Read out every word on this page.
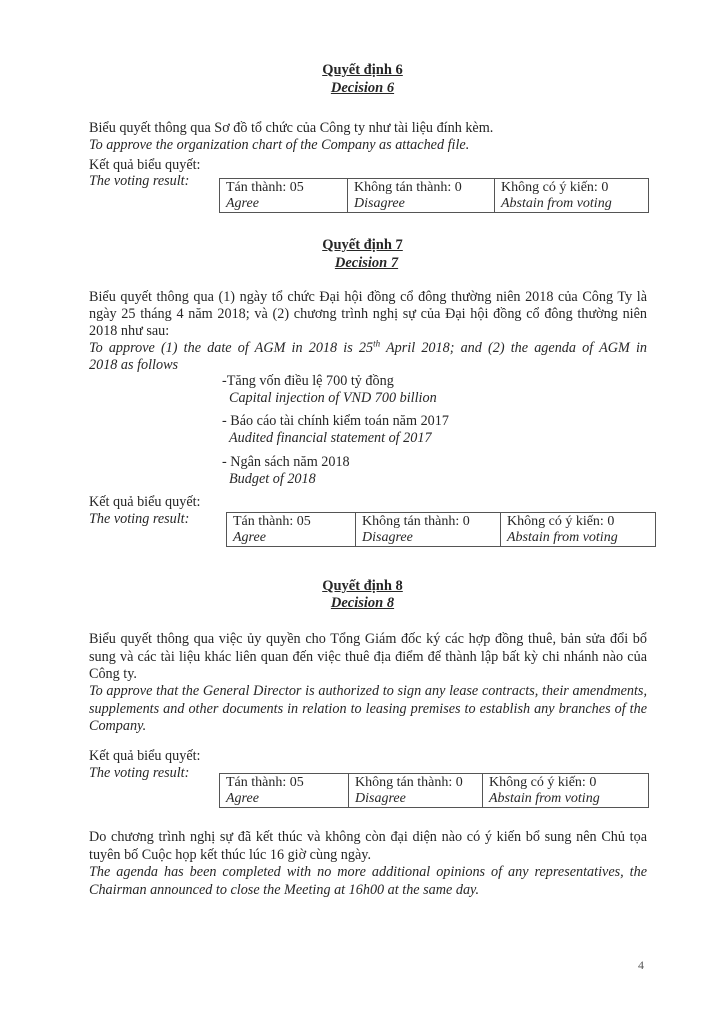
Quyết định 6
Decision 6
Biểu quyết thông qua Sơ đồ tổ chức của Công ty như tài liệu đính kèm.
To approve the organization chart of the Company as attached file.
Kết quả biểu quyết:
The voting result:	Tán thành: 05
Agree

Không tán thành: 0
Disagree

Không có ý kiến: 0
Abstain from voting
Quyết định 7
Decision 7
Biểu quyết thông qua (1) ngày tổ chức Đại hội đồng cổ đông thường niên 2018 của Công Ty là
ngày 25 tháng 4 năm 2018; và (2) chương trình nghị sự của Đại hội đồng cổ đông thường niên
2018 như sau:
To approve (1) the date of AGM in 2018 is 25th April 2018; and (2) the agenda of AGM in
2018 as follows
-Tăng vốn điều lệ 700 tỷ đồng
Capital injection of VND 700 billion
- Báo cáo tài chính kiểm toán năm 2017
Audited financial statement of 2017
- Ngân sách năm 2018
Budget of 2018
Kết quả biểu quyết:
The voting result:	Tán thành: 05
Agree

Không tán thành: 0
Disagree

Không có ý kiến: 0
Abstain from voting
Quyết định 8
Decision 8
Biểu quyết thông qua việc ủy quyền cho Tổng Giám đốc ký các hợp đồng thuê, bản sửa đổi bổ sung và các tài liệu khác liên quan đến việc thuê địa điểm để thành lập bất kỳ chi nhánh nào của Công ty.
To approve that the General Director is authorized to sign any lease contracts, their amendments, supplements and other documents in relation to leasing premises to establish any branches of the Company.
Kết quả biểu quyết:
The voting result:
Tán thành: 05
Agree

Không tán thành: 0
Disagree

Không có ý kiến: 0
Abstain from voting
Do chương trình nghị sự đã kết thúc và không còn đại diện nào có ý kiến bổ sung nên Chủ tọa tuyên bố Cuộc họp kết thúc lúc 16 giờ cùng ngày.
The agenda has been completed with no more additional opinions of any representatives, the Chairman announced to close the Meeting at 16h00 at the same day.
4
